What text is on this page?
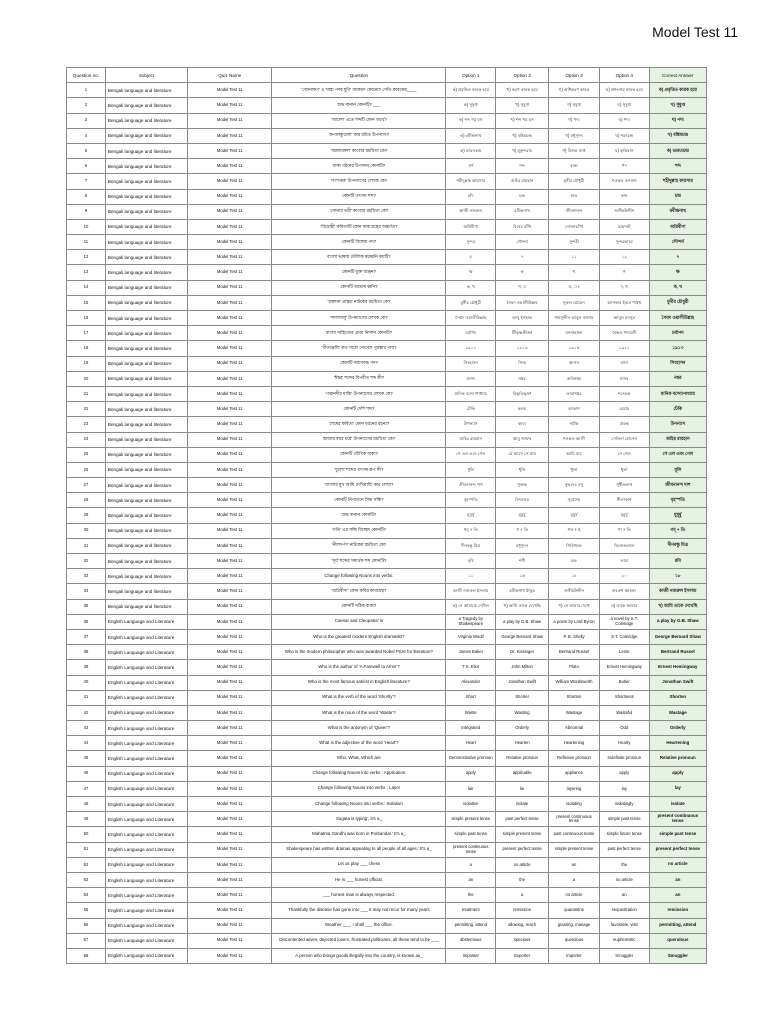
Model Test 11
Question no.	Subject	Quiz Name	Question	Option 1	Option 2	Option 3	Option 4	Correct Answer
1	Bengali language and literature	Model Test 11	'জোনাকগ' ও 'যাহা পদহ যুগি' ব্যাকরণ কোনো? সেতি কারকের____	ক) প্রবৃত্তিত কারক হয়ে	খ) করণ কারক হয়ে	গ) অধিকরণ কারক	ঘ) প্রশংসায় কারক হয়ে	ক) প্রবৃত্তিত কারক হয়ে
2	Bengali language and literature	Model Test 11	শুদ্ধ বানান কোনটি? ___	ক) সুষুপ্ত	খ) সুষুপ্ত	গ) সুষুপ্ত	ঘ) সুষুপ্ত	খ) সুষুপ্ত
3	Bengali language and literature	Model Test 11	'আদেশ' এতে শব্দটি কোন অর্থে?	ক) শব্দ পর বস	খ) শব্দ পর বস	গ) পদ্য	ঘ) পদ্য	ঘ) পদ্য
4	Bengali language and literature	Model Test 11	'কপালকুণ্ডলা' কার রচিত উপন্যাস?	ক) রবীন্দ্রনাথ	খ) বঙ্কিমচন্দ্র	গ) মধুসূদন	ঘ) শরৎচন্দ্র	খ) বঙ্কিমচন্দ্র
5	Bengali language and literature	Model Test 11	'অন্নদামঙ্গল' কাব্যের রচয়িতা কে?	ক) ভারতচন্দ্র	খ) মুকুন্দরাম	গ) বিজয় গুপ্ত	ঘ) কৃত্তিবাস	ক) ভারতচন্দ্র
6	Bengali language and literature	Model Test 11	বাক্য গঠনের উপাদান কোনটি?	বর্ণ	শব্দ	বাক্য	পদ	শব্দ
7	Bengali language and literature	Model Test 11	'সংশপ্তক' উপন্যাসের লেখক কে?	শহীদুল্লাহ কায়সার	জহির রায়হান	মুনীর চৌধুরী	শওকত ওসমান	শহীদুল্লাহ কায়সার
8	Bengali language and literature	Model Test 11	কোনটি তৎসম শব্দ?	চাঁদ	চন্দ্র	হাত	কান	চন্দ্র
9	Bengali language and literature	Model Test 11	'সোনার তরী' কাব্যের রচয়িতা কে?	কাজী নজরুল	রবীন্দ্রনাথ	জীবনানন্দ	জসীমউদ্দীন	রবীন্দ্রনাথ
10	Bengali language and literature	Model Test 11	'বিদ্রোহী' কবিতাটি কোন কাব্যগ্রন্থের অন্তর্গত?	অগ্নিবীণা	বিষের বাঁশি	দোলনচাঁপা	ছায়ানট	অগ্নিবীণা
11	Bengali language and literature	Model Test 11	কোনটি বিশেষ্য পদ?	সুন্দর	সৌন্দর্য	সুন্দরী	সুন্দরভাবে	সৌন্দর্য
12	Bengali language and literature	Model Test 11	বাংলা ভাষায় মৌলিক স্বরধ্বনি কয়টি?	৫	৭	১১	১২	৭
13	Bengali language and literature	Model Test 11	কোনটি যুক্ত ব্যঞ্জন?	ক্ষ	ক	খ	গ	ক্ষ
14	Bengali language and literature	Model Test 11	কোনটি অঘোষ ধ্বনি?	ক, খ	গ, ঘ	ঙ, ং	দ, ধ	ক, খ
15	Bengali language and literature	Model Test 11	'রক্তাক্ত প্রান্তর' নাটকের রচয়িতা কে?	মুনীর চৌধুরী	সৈয়দ ওয়ালীউল্লাহ	নুরুল মোমেন	আসকার ইবনে শাইখ	মুনীর চৌধুরী
16	Bengali language and literature	Model Test 11	'লালসালু' উপন্যাসের লেখক কে?	সৈয়দ ওয়ালীউল্লাহ	আবু ইসহাক	শামসুদ্দীন আবুল কালাম	আবুল মনসুর	সৈয়দ ওয়ালীউল্লাহ
17	Bengali language and literature	Model Test 11	বাংলা সাহিত্যের প্রথম নিদর্শন কোনটি?	চর্যাপদ	শ্রীকৃষ্ণকীর্তন	মনসামঙ্গল	বৈষ্ণব পদাবলী	চর্যাপদ
18	Bengali language and literature	Model Test 11	'গীতাঞ্জলি' কত সালে নোবেল পুরস্কার পায়?	১৯১১	১৯১৩	১৯১৫	১৯২১	১৯১৩
19	Bengali language and literature	Model Test 11	কোনটি সমাসবদ্ধ পদ?	সিংহাসন	সিংহ	আসন	বসন	সিংহাসন
20	Bengali language and literature	Model Test 11	'ঈশ্বর' শব্দের বিপরীত শব্দ কী?	জগৎ	নশ্বর	অবিনশ্বর	মানব	নশ্বর
21	Bengali language and literature	Model Test 11	'পদ্মানদীর মাঝি' উপন্যাসের লেখক কে?	মানিক বন্দ্যোপাধ্যায়	বিভূতিভূষণ	তারাশঙ্কর	শরৎচন্দ্র	মানিক বন্দ্যোপাধ্যায়
22	Bengali language and literature	Model Test 11	কোনটি দেশি শব্দ?	ঢেঁকি	কলম	আকাশ	চেয়ার	ঢেঁকি
23	Bengali language and literature	Model Test 11	'শেষের কবিতা' কোন ধরনের রচনা?	উপন্যাস	কাব্য	নাটক	প্রবন্ধ	উপন্যাস
24	Bengali language and literature	Model Test 11	'হাজার বছর ধরে' উপন্যাসের রচয়িতা কে?	জহির রায়হান	আবু জাফর	শওকত আলী	সেলিনা হোসেন	জহির রায়হান
25	Bengali language and literature	Model Test 11	কোনটি যৌগিক বাক্য?	সে এল এবং গেল	যে আসে সে যায়	আমি যাব	সে গেল	সে এল এবং গেল
26	Bengali language and literature	Model Test 11	'ধুলো' শব্দের তৎসম রূপ কী?	ধুলি	ধূলি	ধুলা	ধূলা	ধূলি
27	Bengali language and literature	Model Test 11	'বাংলার মুখ আমি দেখিয়াছি' কার লেখা?	জীবনানন্দ দাশ	সুকান্ত	বুদ্ধদেব বসু	সুধীন্দ্রনাথ	জীবনানন্দ দাশ
28	Bengali language and literature	Model Test 11	কোনটি নিপাতনে সিদ্ধ সন্ধি?	বৃহস্পতি	বিদ্যালয়	সূর্যোদয়	নীলাকাশ	বৃহস্পতি
29	Bengali language and literature	Model Test 11	শুদ্ধ বানান কোনটি?	মুমূর্ষু	মুমুর্ষু	মুমুর্ষ	মূমুর্ষু	মুমূর্ষু
30	Bengali language and literature	Model Test 11	'গতি' এর সন্ধি বিচ্ছেদ কোনটি?	গম্ + তি	গ + তি	গত + ই	গা + তি	গম্ + তি
31	Bengali language and literature	Model Test 11	'নীলদর্পণ' নাটকের রচয়িতা কে?	দীনবন্ধু মিত্র	মধুসূদন	গিরিশচন্দ্র	দ্বিজেন্দ্রলাল	দীনবন্ধু মিত্র
32	Bengali language and literature	Model Test 11	'সূর্য' শব্দের সমার্থক শব্দ কোনটি?	রবি	শশী	চন্দ্র	তারা	রবি
33	Bengali language and literature	Model Test 11	Change following Nouns into verbs:	১১	১৬	১৮	২০	১৮
34	Bengali language and literature	Model Test 11	'অগ্নিবীণা' কোন কবির কাব্যগ্রন্থ?	কাজী নজরুল ইসলাম	রবীন্দ্রনাথ ঠাকুর	জসীমউদ্দীন	ফররুখ আহমদ	কাজী নজরুল ইসলাম
35	Bengali language and literature	Model Test 11	কোনটি সঠিক বাক্য?	ক) সে আমাকে দেখিল	খ) আমি তাকে দেখেছি	গ) সে আমার দেখে	ঘ) তাকে আমার	খ) আমি তাকে দেখেছি
36	English Language and Literature	Model Test 11	Caesar and Cleopatra' is	a Tragedy by Shakespeare	a play by G.B. Shaw	a poem by Lord Byron	a novel by S.T. Coleridge	a play by G.B. Shaw
37	English Language and Literature	Model Test 11	Who is the greatest modern English dramatist?	Virginia Woolf	George Bernard Shaw	P. B. Shelly	S.T. Coleridge	George Bernard Shaw
38	English Language and Literature	Model Test 11	Who is the modern philosopher who was awarded Nobel Prize for literature?	James Baker	Dr. Kissinger	Bertrand Russel	Lenin	Bertrand Russel
39	English Language and Literature	Model Test 11	Who is the author of 'A Farewell to Arms'?	T.S. Eliot	John Milton	Plato	Ernest Hemingway	Ernest Hemingway
40	English Language and Literature	Model Test 11	Who is the most famous satirist in English literature?	Alexander	Jonathan Swift	William Wordsworth	Butler	Jonathan Swift
41	English Language and Literature	Model Test 11	What is the verb of the word 'Shortly'?	Short	Shorter	Shorten	Shortness	Shorten
42	English Language and Literature	Model Test 11	What is the noun of the word 'Waste'?	Waste	Wasting	Wastage	Wasteful	Wastage
43	English Language and Literature	Model Test 11	What is the antonym of 'Queer'?	Integrated	Orderly	Abnormal	Odd	Orderly
44	English Language and Literature	Model Test 11	What is the adjective of the word 'Heart'?	Heart	Hearten	Heartening	Hearty	Heartening
45	English Language and Literature	Model Test 11	Who, What, Which are	Demonstrative pronoun	Relative pronoun	Reflexive pronoun	Indefinite pronoun	Relative pronoun
46	English Language and Literature	Model Test 11	Change following Nouns into verbs : Application	apply	applicable	appliance	apply	apply
47	English Language and Literature	Model Test 11	Change following Nouns into verbs : Layer	lair	lie	layering	lay	lay
48	English Language and Literature	Model Test 11	Change following Nouns into verbs : Isolation	isolative	isolate	isolating	isolatingly	isolate
49	English Language and Literature	Model Test 11	Sugata is typing', it's a_	simple present tense	past perfect tense	present continuous tense	simple past tense	present continuous tense
50	English Language and Literature	Model Test 11	Mahatma Gandhi was born in Porbandar.' It's a_	simple past tense	simple present tense	past continuous tense	simple future tense	simple past tense
51	English Language and Literature	Model Test 11	Shakespeare has written dramas appealing to all people of all ages.' It's a_	present continuous tense	present perfect tense	simple present tense	past perfect tense	present perfect tense
52	English Language and Literature	Model Test 11	Let us play ___ chess	a	no article	an	the	no article
53	English Language and Literature	Model Test 11	He is ___ honest official.	an	the	a	no article	an
54	English Language and Literature	Model Test 11	___ honest man is always respected.	the	a	no article	an	an
55	English Language and Literature	Model Test 11	Thankfully the disease has gone into ___ it may not recur for many years	treatment	remission	quarantine	sequestration	remission
56	English Language and Literature	Model Test 11	Weather ___, I shall ___ the office.	permitting, attend	allowing, reach	granting, manage	favorable, visit	permitting, attend
57	English Language and Literature	Model Test 11	Discontented wives, dejected lovers, frustrated politicians, all these tend to be ___	abstemious	specious	querulous	euphemistic	querulous
58	English Language and Literature	Model Test 11	A person who brings goods illegally into the country, is known as_	Imposter	Exporter	Importer	Smuggler	Smuggler
